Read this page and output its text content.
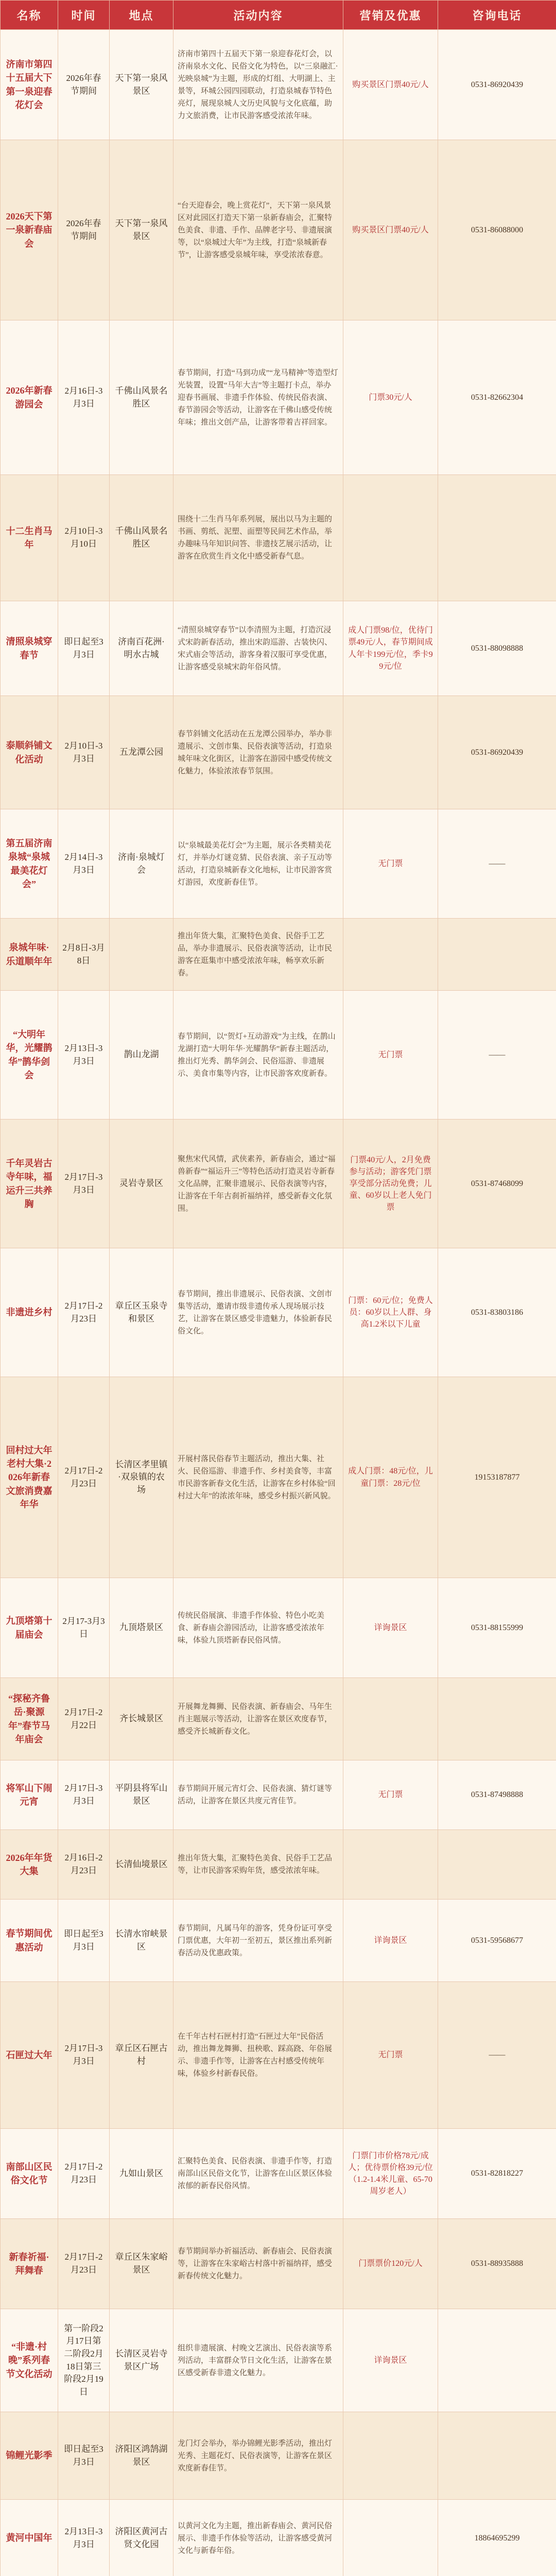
名称	时间	地点	活动内容	营销及优惠	咨询电话
济南市第四十五届大下第一泉迎春花灯会	2026年春节期间	天下第一泉风景区	济南市第四十五届天下第一泉迎春花灯会，以济南泉水文化、民俗文化为特色，以“三泉融汇·光映泉城”为主题，形成的灯组、大明湖上、主景等，环城公园四园联动，打造泉城春节特色亮灯，展现泉城人文历史风貌与文化底蕴，助力文旅消费，让市民游客感受浓浓年味。	购买景区门票40元/人	0531-86920439
2026天下第一泉新春庙会	2026年春节期间	天下第一泉风景区	“台天迎春会，晚上赏花灯”，天下第一泉风景区对此园区打造天下第一泉新春庙会，汇聚特色美食、非遗、手作、品牌老字号、非遗展演等，以“泉城过大年”为主线，打造“泉城新春节”，让游客感受泉城年味，享受浓浓春意。	购买景区门票40元/人	0531-86088000
2026年新春游园会	2月16日-3月3日	千佛山风景名胜区	春节期间，打造“马到功成”“龙马精神”等造型灯光装置，设置“马年大吉”等主题打卡点，举办迎春书画展、非遗手作体验、传统民俗表演、春节游园会等活动，让游客在千佛山感受传统年味；推出文创产品，让游客带着吉祥回家。	门票30元/人	0531-82662304
十二生肖马年	2月10日-3月10日	千佛山风景名胜区	围绕十二生肖马年系列展，展出以马为主题的书画、剪纸、泥塑、面塑等民间艺术作品，举办趣味马年知识问答、非遗技艺展示活动，让游客在欣赏生肖文化中感受新春气息。		
清照泉城穿春节	即日起至3月3日	济南百花洲·明水古城	“清照泉城穿春节”以李清照为主题，打造沉浸式宋韵新春活动，推出宋韵巡游、古装快闪、宋式庙会等活动，游客身着汉服可享受优惠，让游客感受泉城宋韵年俗风情。	成人门票98/位，优待门票49元/人，春节期间成人年卡199元/位，季卡99元/位	0531-88098888
泰顺斜铺文化活动	2月10日-3月3日	五龙潭公园	春节斜铺文化活动在五龙潭公园举办，举办非遗展示、文创市集、民俗表演等活动，打造泉城年味文化街区，让游客在游园中感受传统文化魅力，体验浓浓春节氛围。		0531-86920439
第五届济南泉城“泉城最美花灯会”	2月14日-3月3日	济南·泉城灯会	以“泉城最美花灯会”为主题，展示各类精美花灯，并举办灯谜竞猜、民俗表演、亲子互动等活动，打造泉城新春文化地标，让市民游客赏灯游园，欢度新春佳节。	无门票	——
泉城年味·乐道顺年年	2月8日-3月8日		推出年货大集，汇聚特色美食、民俗手工艺品，举办非遗展示、民俗表演等活动，让市民游客在逛集市中感受浓浓年味，畅享欢乐新春。		
“大明年华，光耀鹊华”鹊华剑会	2月13日-3月3日	鹊山龙湖	春节期间，以“贺灯+互动游戏”为主线，在鹊山龙湖打造“大明年华·光耀鹊华”新春主题活动，推出灯光秀、鹊华剑会、民俗巡游、非遗展示、美食市集等内容，让市民游客欢度新春。	无门票	——
千年灵岩古寺年味，福运升三共养胸	2月17日-3月3日	灵岩寺景区	聚焦宋代风情，武侠素养，新春庙会，通过“福兽新春”“福运升三”等特色活动打造灵岩寺新春文化品牌，汇聚非遗展示、民俗表演等内容，让游客在千年古刹祈福纳祥，感受新春文化氛围。	门票40元/人，2月免费参与活动；游客凭门票享受部分活动免费；儿童、60岁以上老人免门票	0531-87468099
非遗进乡村	2月17日-2月23日	章丘区玉泉寺和景区	春节期间，推出非遗展示、民俗表演、文创市集等活动，邀请市级非遗传承人现场展示技艺，让游客在景区感受非遗魅力，体验新春民俗文化。	门票：60元/位；免费人员：60岁以上人群、身高1.2米以下儿童	0531-83803186
回村过大年老村大集·2026年新春文旅消费嘉年华	2月17日-2月23日	长清区孝里镇·双泉镇的农场	开展村落民俗春节主题活动，推出大集、社火、民俗巡游、非遗手作、乡村美食等，丰富市民游客新春文化生活，让游客在乡村体验“回村过大年”的浓浓年味，感受乡村振兴新风貌。	成人门票：48元/位，儿童门票：28元/位	19153187877
九顶塔第十届庙会	2月17-3月3日	九顶塔景区	传统民俗展演、非遗手作体验、特色小吃美食、新春庙会游园活动，让游客感受浓浓年味，体验九顶塔新春民俗风情。	详询景区	0531-88155999
“探秘齐鲁岳·聚源年”春节马年庙会	2月17日-2月22日	齐长城景区	开展舞龙舞狮、民俗表演、新春庙会、马年生肖主题展示等活动，让游客在景区欢度春节，感受齐长城新春文化。		
将军山下闹元宵	2月17日-3月3日	平阴县将军山景区	春节期间开展元宵灯会、民俗表演、猜灯谜等活动，让游客在景区共度元宵佳节。	无门票	0531-87498888
2026年年货大集	2月16日-2月23日	长清仙境景区	推出年货大集，汇聚特色美食、民俗手工艺品等，让市民游客采购年货，感受浓浓年味。		
春节期间优惠活动	即日起至3月3日	长清水帘峡景区	春节期间，凡属马年的游客，凭身份证可享受门票优惠，大年初一至初五，景区推出系列新春活动及优惠政策。	详询景区	0531-59568677
石匣过大年	2月17日-3月3日	章丘区石匣古村	在千年古村石匣村打造“石匣过大年”民俗活动，推出舞龙舞狮、扭秧歌、踩高跷、年俗展示、非遗手作等，让游客在古村感受传统年味，体验乡村新春民俗。	无门票	——
南部山区民俗文化节	2月17日-2月23日	九如山景区	汇聚特色美食、民俗表演、非遗手作等，打造南部山区民俗文化节，让游客在山区景区体验浓郁的新春民俗风情。	门票门市价格78元/成人；优待票价格39元/位（1.2-1.4米儿童、65-70周岁老人）	0531-82818227
新春祈福·拜舞春	2月17日-2月23日	章丘区朱家峪景区	春节期间举办祈福活动、新春庙会、民俗表演等，让游客在朱家峪古村落中祈福纳祥，感受新春传统文化魅力。	门票票价120元/人	0531-88935888
“非遗·村晚”系列春节文化活动	第一阶段2月17日第二阶段2月18日第三阶段2月19日	长清区灵岩寺景区广场	组织非遗展演、村晚文艺演出、民俗表演等系列活动，丰富群众节日文化生活，让游客在景区感受新春非遗文化魅力。	详询景区	
锦鲤光影季	即日起至3月3日	济阳区鸿鹄湖景区	龙门灯会举办，举办锦鲤光影季活动，推出灯光秀、主题花灯、民俗表演等，让游客在景区欢度新春佳节。		
黄河中国年	2月13日-3月3日	济阳区黄河古贤文化园	以黄河文化为主题，推出新春庙会、黄河民俗展示、非遗手作体验等活动，让游客感受黄河文化与新春年俗。		18864695299
